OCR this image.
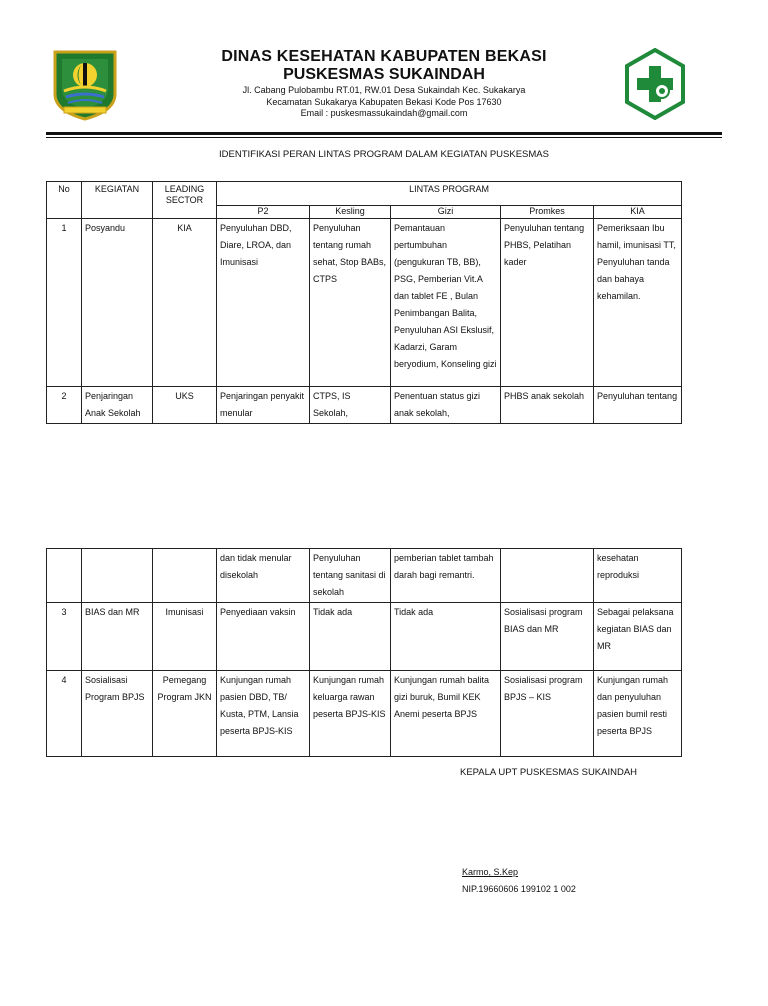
DINAS KESEHATAN KABUPATEN BEKASI
PUSKESMAS SUKAINDAH
Jl. Cabang Pulobambu RT.01, RW.01 Desa Sukaindah Kec. Sukakarya
Kecamatan Sukakarya Kabupaten Bekasi Kode Pos 17630
Email : puskesmassukaindah@gmail.com
IDENTIFIKASI PERAN LINTAS PROGRAM DALAM KEGIATAN PUSKESMAS
No	KEGIATAN	LEADING SECTOR	LINTAS PROGRAM				
			P2	Kesling	Gizi	Promkes	KIA
1	Posyandu	KIA	Penyuluhan DBD, Diare, LROA, dan Imunisasi	Penyuluhan tentang rumah sehat, Stop BABs, CTPS	Pemantauan pertumbuhan (pengukuran TB, BB), PSG, Pemberian Vit.A dan tablet FE , Bulan Penimbangan Balita, Penyuluhan ASI Ekslusif, Kadarzi, Garam beryodium, Konseling gizi	Penyuluhan tentang PHBS, Pelatihan kader	Pemeriksaan Ibu hamil, imunisasi TT, Penyuluhan tanda dan bahaya kehamilan.
2	Penjaringan Anak Sekolah	UKS	Penjaringan penyakit menular	CTPS, IS Sekolah,	Penentuan status gizi anak sekolah,	PHBS anak sekolah	Penyuluhan tentang
			dan tidak menular disekolah	Penyuluhan tentang sanitasi di sekolah	pemberian tablet tambah darah bagi remantri.		kesehatan reproduksi
3	BIAS dan MR	Imunisasi	Penyediaan vaksin	Tidak ada	Tidak ada	Sosialisasi program BIAS dan MR	Sebagai pelaksana kegiatan BIAS dan MR
4	Sosialisasi Program BPJS	Pemegang Program JKN	Kunjungan rumah pasien DBD, TB/ Kusta, PTM, Lansia peserta BPJS-KIS	Kunjungan rumah keluarga rawan peserta BPJS-KIS	Kunjungan rumah balita gizi buruk, Bumil KEK Anemi peserta BPJS	Sosialisasi program BPJS – KIS	Kunjungan rumah dan penyuluhan pasien bumil resti peserta BPJS
KEPALA UPT PUSKESMAS SUKAINDAH
Karmo, S.Kep
NIP.19660606 199102 1 002
